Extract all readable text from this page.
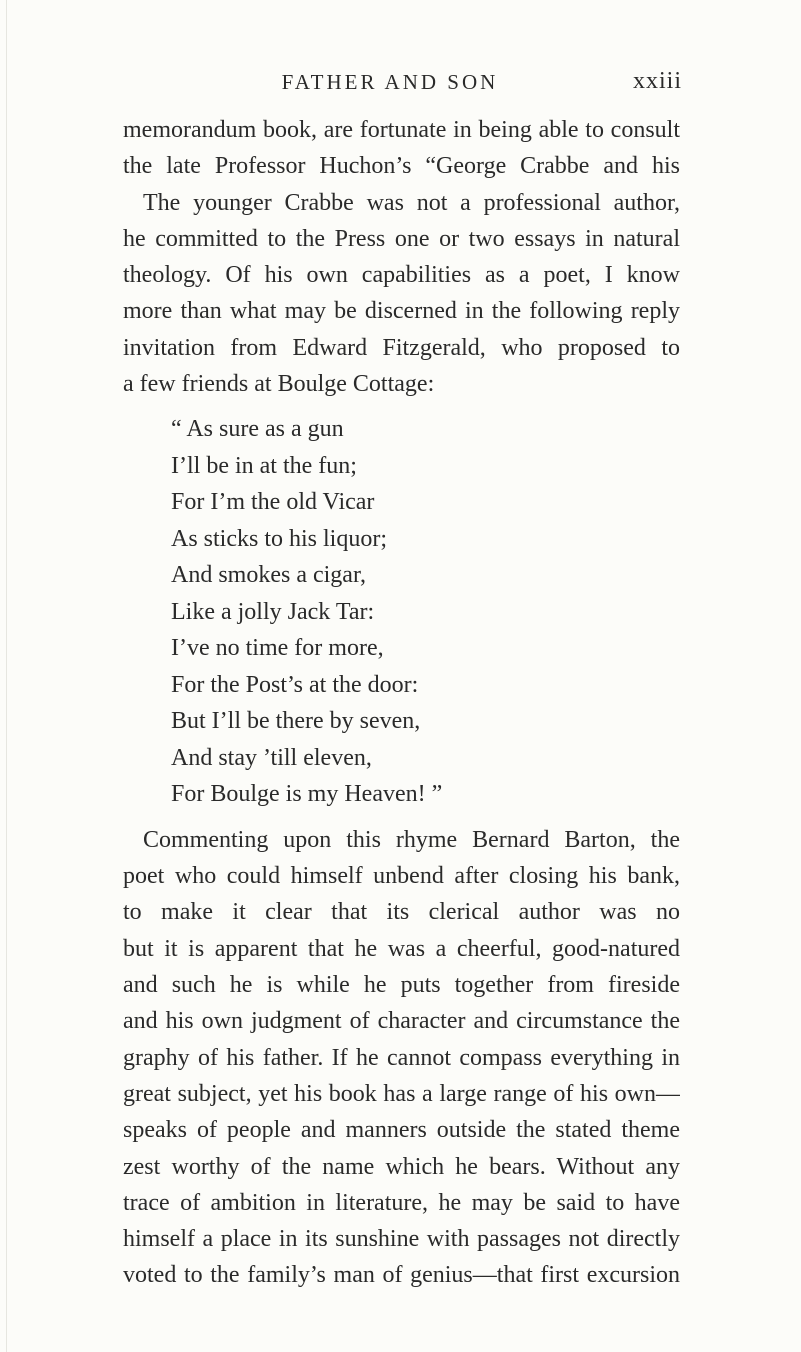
FATHER AND SON	xxiii
memorandum book, are fortunate in being able to consult
the late Professor Huchon’s “George Crabbe and his
The younger Crabbe was not a professional author,
he committed to the Press one or two essays in natural
theology. Of his own capabilities as a poet, I know
more than what may be discerned in the following reply
invitation from Edward Fitzgerald, who proposed to
a few friends at Boulge Cottage:
“ As sure as a gun
I’ll be in at the fun;
For I’m the old Vicar
As sticks to his liquor;
And smokes a cigar,
Like a jolly Jack Tar:
I’ve no time for more,
For the Post’s at the door:
But I’ll be there by seven,
And stay ’till eleven,
For Boulge is my Heaven! ”
Commenting upon this rhyme Bernard Barton, the
poet who could himself unbend after closing his bank,
to make it clear that its clerical author was no
but it is apparent that he was a cheerful, good-natured
and such he is while he puts together from fireside
and his own judgment of character and circumstance the
graphy of his father. If he cannot compass everything in
great subject, yet his book has a large range of his own—
speaks of people and manners outside the stated theme
zest worthy of the name which he bears. Without any
trace of ambition in literature, he may be said to have
himself a place in its sunshine with passages not directly
voted to the family’s man of genius—that first excursion
